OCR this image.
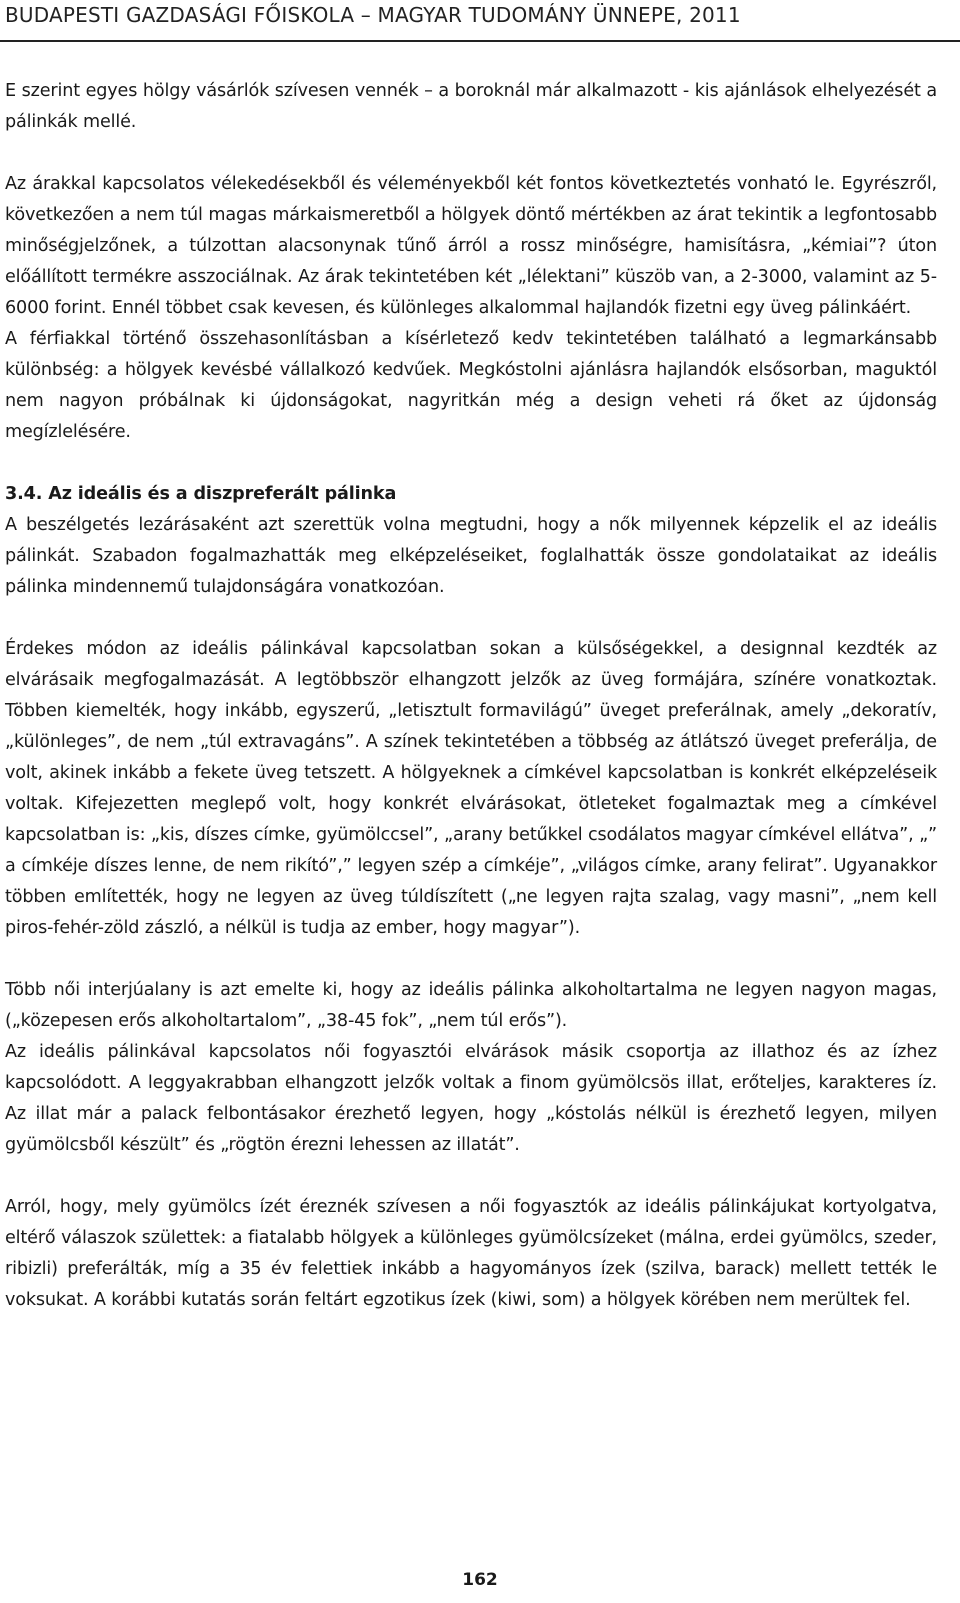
BUDAPESTI GAZDASÁGI FŐISKOLA – MAGYAR TUDOMÁNY ÜNNEPE, 2011

E szerint egyes hölgy vásárlók szívesen vennék – a boroknál már alkalmazott - kis ajánlások elhelyezését a pálinkák mellé.

Az árakkal kapcsolatos vélekedésekből és véleményekből két fontos következtetés vonható le. Egyrészről, következően a nem túl magas márkaismeretből a hölgyek döntő mértékben az árat tekintik a legfontosabb minőségjelzőnek, a túlzottan alacsonynak tűnő árról a rossz minőségre, hamisításra, „kémiai”? úton előállított termékre asszociálnak. Az árak tekintetében két „lélektani” küszöb van, a 2-3000, valamint az 5-6000 forint. Ennél többet csak kevesen, és különleges alkalommal hajlandók fizetni egy üveg pálinkáért.

A férfiakkal történő összehasonlításban a kísérletező kedv tekintetében található a legmarkánsabb különbség: a hölgyek kevésbé vállalkozó kedvűek. Megkóstolni ajánlásra hajlandók elsősorban, maguktól nem nagyon próbálnak ki újdonságokat, nagyritkán még a design veheti rá őket az újdonság megízlelésére.

3.4. Az ideális és a diszpreferált pálinka

A beszélgetés lezárásaként azt szerettük volna megtudni, hogy a nők milyennek képzelik el az ideális pálinkát. Szabadon fogalmazhatták meg elképzeléseiket, foglalhatták össze gondolataikat az ideális pálinka mindennemű tulajdonságára vonatkozóan.

Érdekes módon az ideális pálinkával kapcsolatban sokan a külsőségekkel, a designnal kezdték az elvárásaik megfogalmazását. A legtöbbször elhangzott jelzők az üveg formájára, színére vonatkoztak. Többen kiemelték, hogy inkább, egyszerű, „letisztult formavilágú” üveget preferálnak, amely „dekoratív, „különleges”, de nem „túl extravagáns”. A színek tekintetében a többség az átlátszó üveget preferálja, de volt, akinek inkább a fekete üveg tetszett. A hölgyeknek a címkével kapcsolatban is konkrét elképzeléseik voltak. Kifejezetten meglepő volt, hogy konkrét elvárásokat, ötleteket fogalmaztak meg a címkével kapcsolatban is: „kis, díszes címke, gyümölccsel”, „arany betűkkel csodálatos magyar címkével ellátva”, „” a címkéje díszes lenne, de nem rikító”,” legyen szép a címkéje”, „világos címke, arany felirat”. Ugyanakkor többen említették, hogy ne legyen az üveg túldíszített („ne legyen rajta szalag, vagy masni”, „nem kell piros-fehér-zöld zászló, a nélkül is tudja az ember, hogy magyar”).

Több női interjúalany is azt emelte ki, hogy az ideális pálinka alkoholtartalma ne legyen nagyon magas, („közepesen erős alkoholtartalom”, „38-45 fok”, „nem túl erős”).

Az ideális pálinkával kapcsolatos női fogyasztói elvárások másik csoportja az illathoz és az ízhez kapcsolódott. A leggyakrabban elhangzott jelzők voltak a finom gyümölcsös illat, erőteljes, karakteres íz. Az illat már a palack felbontásakor érezhető legyen, hogy „kóstolás nélkül is érezhető legyen, milyen gyümölcsből készült” és „rögtön érezni lehessen az illatát”.

Arról, hogy, mely gyümölcs ízét éreznék szívesen a női fogyasztók az ideális pálinkájukat kortyolgatva, eltérő válaszok születtek: a fiatalabb hölgyek a különleges gyümölcsízeket (málna, erdei gyümölcs, szeder, ribizli) preferálták, míg a 35 év felettiek inkább a hagyományos ízek (szilva, barack) mellett tették le voksukat. A korábbi kutatás során feltárt egzotikus ízek (kiwi, som) a hölgyek körében nem merültek fel.

162
